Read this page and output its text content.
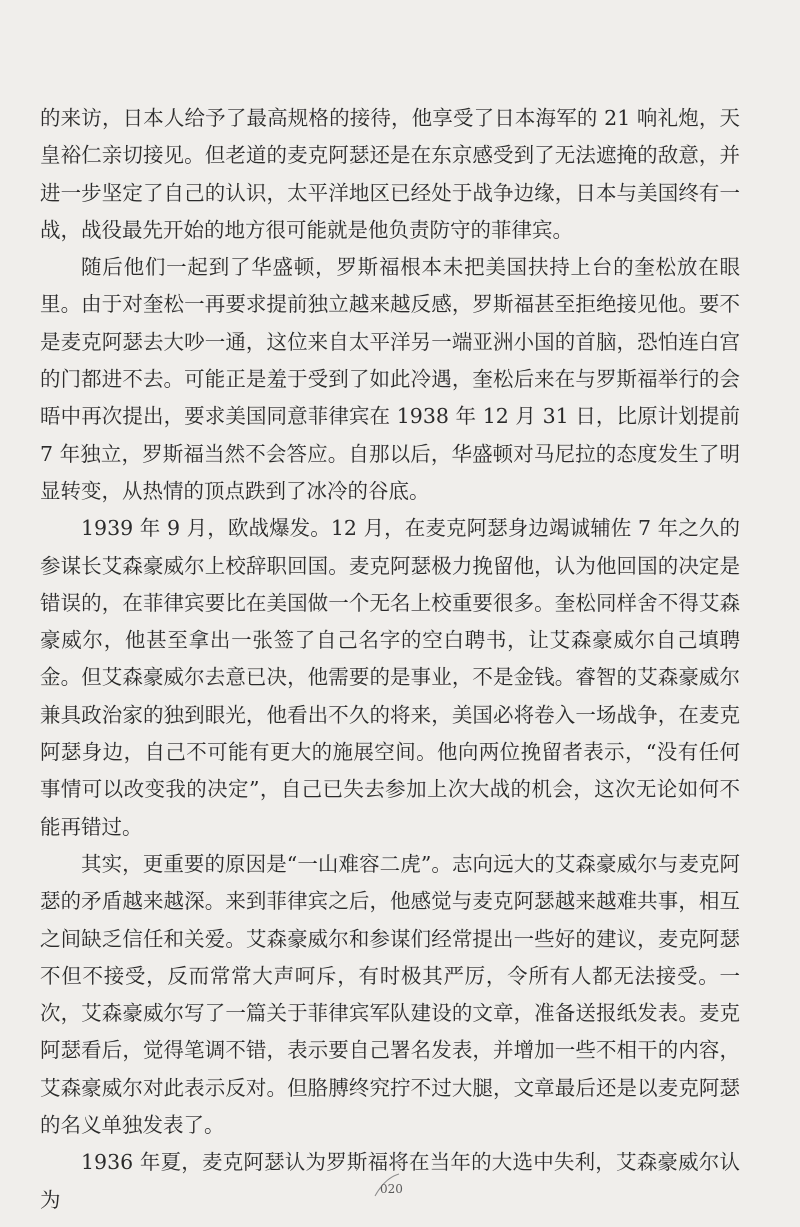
的来访，日本人给予了最高规格的接待，他享受了日本海军的 21 响礼炮，天皇裕仁亲切接见。但老道的麦克阿瑟还是在东京感受到了无法遮掩的敌意，并进一步坚定了自己的认识，太平洋地区已经处于战争边缘，日本与美国终有一战，战役最先开始的地方很可能就是他负责防守的菲律宾。

随后他们一起到了华盛顿，罗斯福根本未把美国扶持上台的奎松放在眼里。由于对奎松一再要求提前独立越来越反感，罗斯福甚至拒绝接见他。要不是麦克阿瑟去大吵一通，这位来自太平洋另一端亚洲小国的首脑，恐怕连白宫的门都进不去。可能正是羞于受到了如此冷遇，奎松后来在与罗斯福举行的会晤中再次提出，要求美国同意菲律宾在 1938 年 12 月 31 日，比原计划提前 7 年独立，罗斯福当然不会答应。自那以后，华盛顿对马尼拉的态度发生了明显转变，从热情的顶点跌到了冰冷的谷底。

1939 年 9 月，欧战爆发。12 月，在麦克阿瑟身边竭诚辅佐 7 年之久的参谋长艾森豪威尔上校辞职回国。麦克阿瑟极力挽留他，认为他回国的决定是错误的，在菲律宾要比在美国做一个无名上校重要很多。奎松同样舍不得艾森豪威尔，他甚至拿出一张签了自己名字的空白聘书，让艾森豪威尔自己填聘金。但艾森豪威尔去意已决，他需要的是事业，不是金钱。睿智的艾森豪威尔兼具政治家的独到眼光，他看出不久的将来，美国必将卷入一场战争，在麦克阿瑟身边，自己不可能有更大的施展空间。他向两位挽留者表示，“没有任何事情可以改变我的决定”，自己已失去参加上次大战的机会，这次无论如何不能再错过。

其实，更重要的原因是“一山难容二虎”。志向远大的艾森豪威尔与麦克阿瑟的矛盾越来越深。来到菲律宾之后，他感觉与麦克阿瑟越来越难共事，相互之间缺乏信任和关爱。艾森豪威尔和参谋们经常提出一些好的建议，麦克阿瑟不但不接受，反而常常大声呵斥，有时极其严厉，令所有人都无法接受。一次，艾森豪威尔写了一篇关于菲律宾军队建设的文章，准备送报纸发表。麦克阿瑟看后，觉得笔调不错，表示要自己署名发表，并增加一些不相干的内容，艾森豪威尔对此表示反对。但胳膊终究拧不过大腿，文章最后还是以麦克阿瑟的名义单独发表了。

1936 年夏，麦克阿瑟认为罗斯福将在当年的大选中失利，艾森豪威尔认为	020
